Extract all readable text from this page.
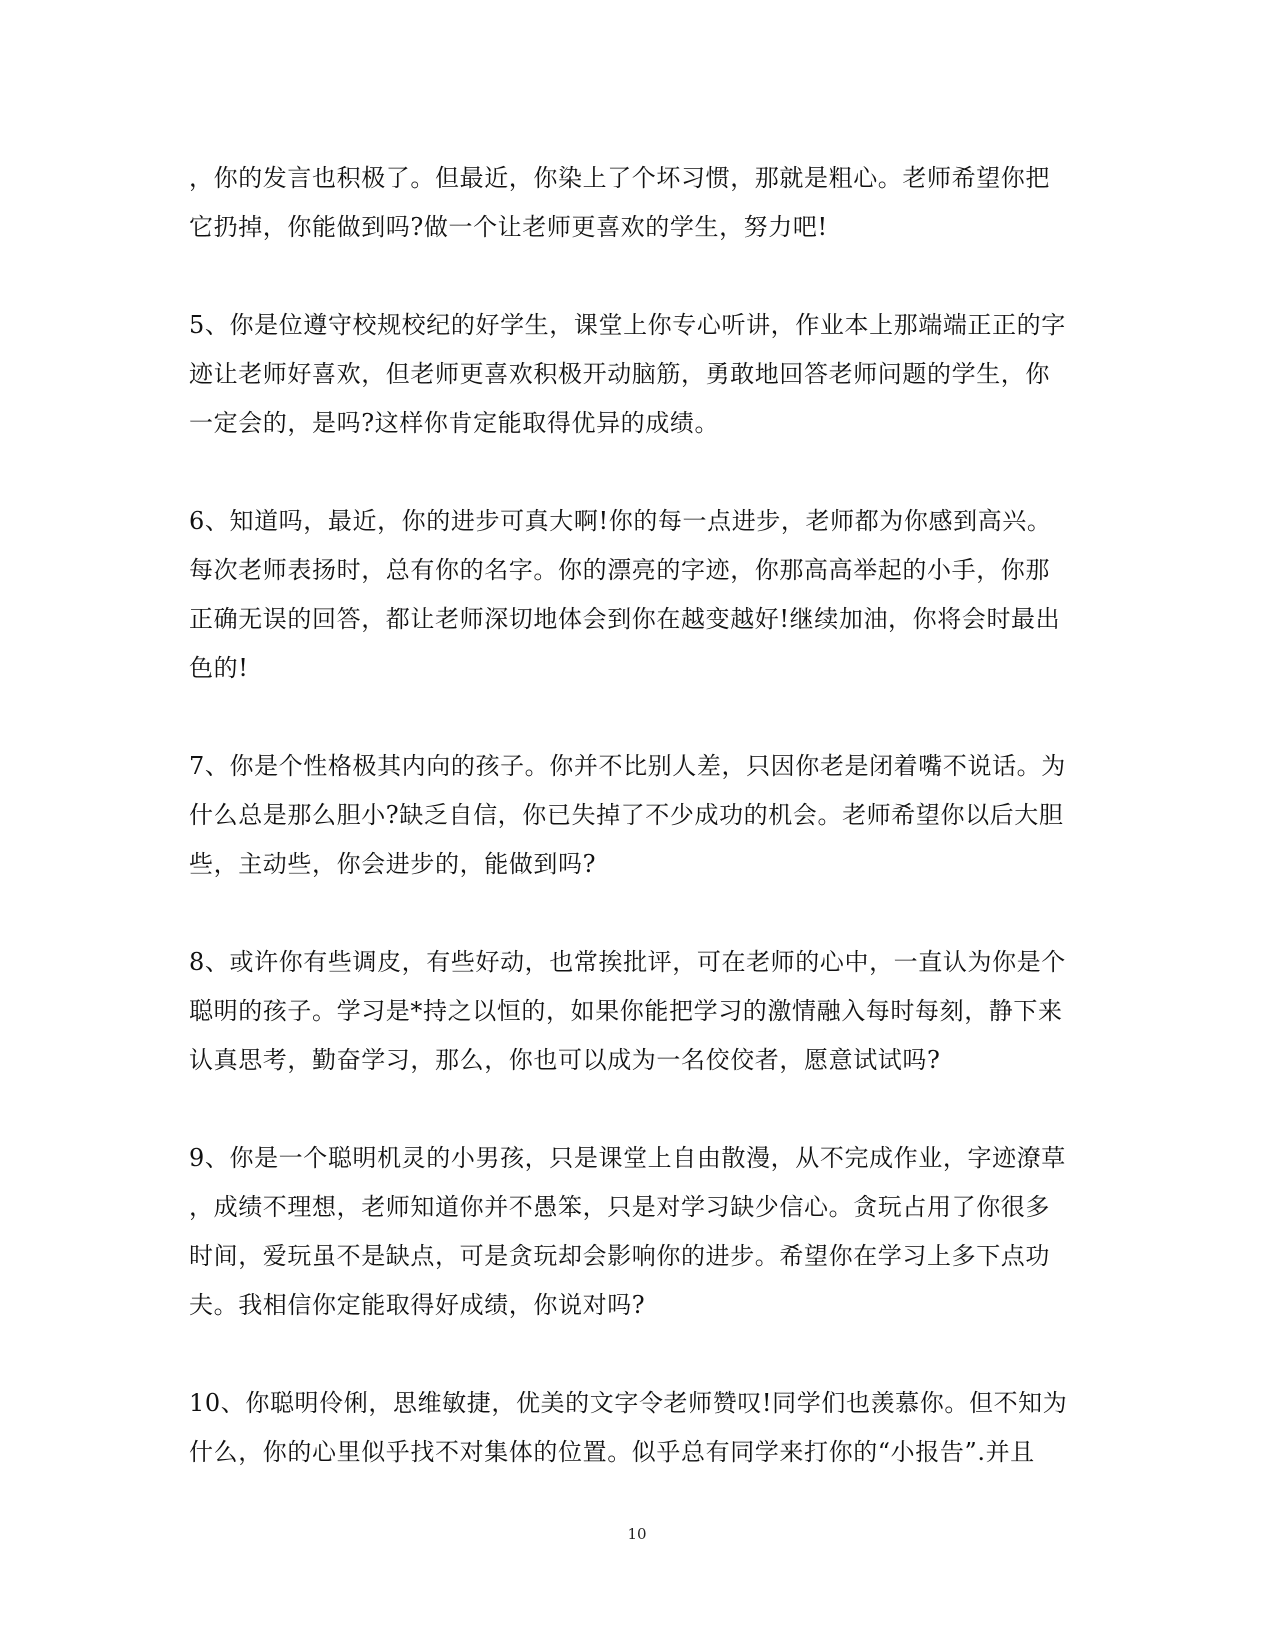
，你的发言也积极了。但最近，你染上了个坏习惯，那就是粗心。老师希望你把
它扔掉，你能做到吗?做一个让老师更喜欢的学生，努力吧!

5、你是位遵守校规校纪的好学生，课堂上你专心听讲，作业本上那端端正正的字
迹让老师好喜欢，但老师更喜欢积极开动脑筋，勇敢地回答老师问题的学生，你
一定会的，是吗?这样你肯定能取得优异的成绩。

6、知道吗，最近，你的进步可真大啊!你的每一点进步，老师都为你感到高兴。
每次老师表扬时，总有你的名字。你的漂亮的字迹，你那高高举起的小手，你那
正确无误的回答，都让老师深切地体会到你在越变越好!继续加油，你将会时最出
色的!

7、你是个性格极其内向的孩子。你并不比别人差，只因你老是闭着嘴不说话。为
什么总是那么胆小?缺乏自信，你已失掉了不少成功的机会。老师希望你以后大胆
些，主动些，你会进步的，能做到吗?

8、或许你有些调皮，有些好动，也常挨批评，可在老师的心中，一直认为你是个
聪明的孩子。学习是*持之以恒的，如果你能把学习的激情融入每时每刻，静下来
认真思考，勤奋学习，那么，你也可以成为一名佼佼者，愿意试试吗?

9、你是一个聪明机灵的小男孩，只是课堂上自由散漫，从不完成作业，字迹潦草
，成绩不理想，老师知道你并不愚笨，只是对学习缺少信心。贪玩占用了你很多
时间，爱玩虽不是缺点，可是贪玩却会影响你的进步。希望你在学习上多下点功
夫。我相信你定能取得好成绩，你说对吗?

10、你聪明伶俐，思维敏捷，优美的文字令老师赞叹!同学们也羡慕你。但不知为
什么，你的心里似乎找不对集体的位置。似乎总有同学来打你的“小报告”.并且

10
